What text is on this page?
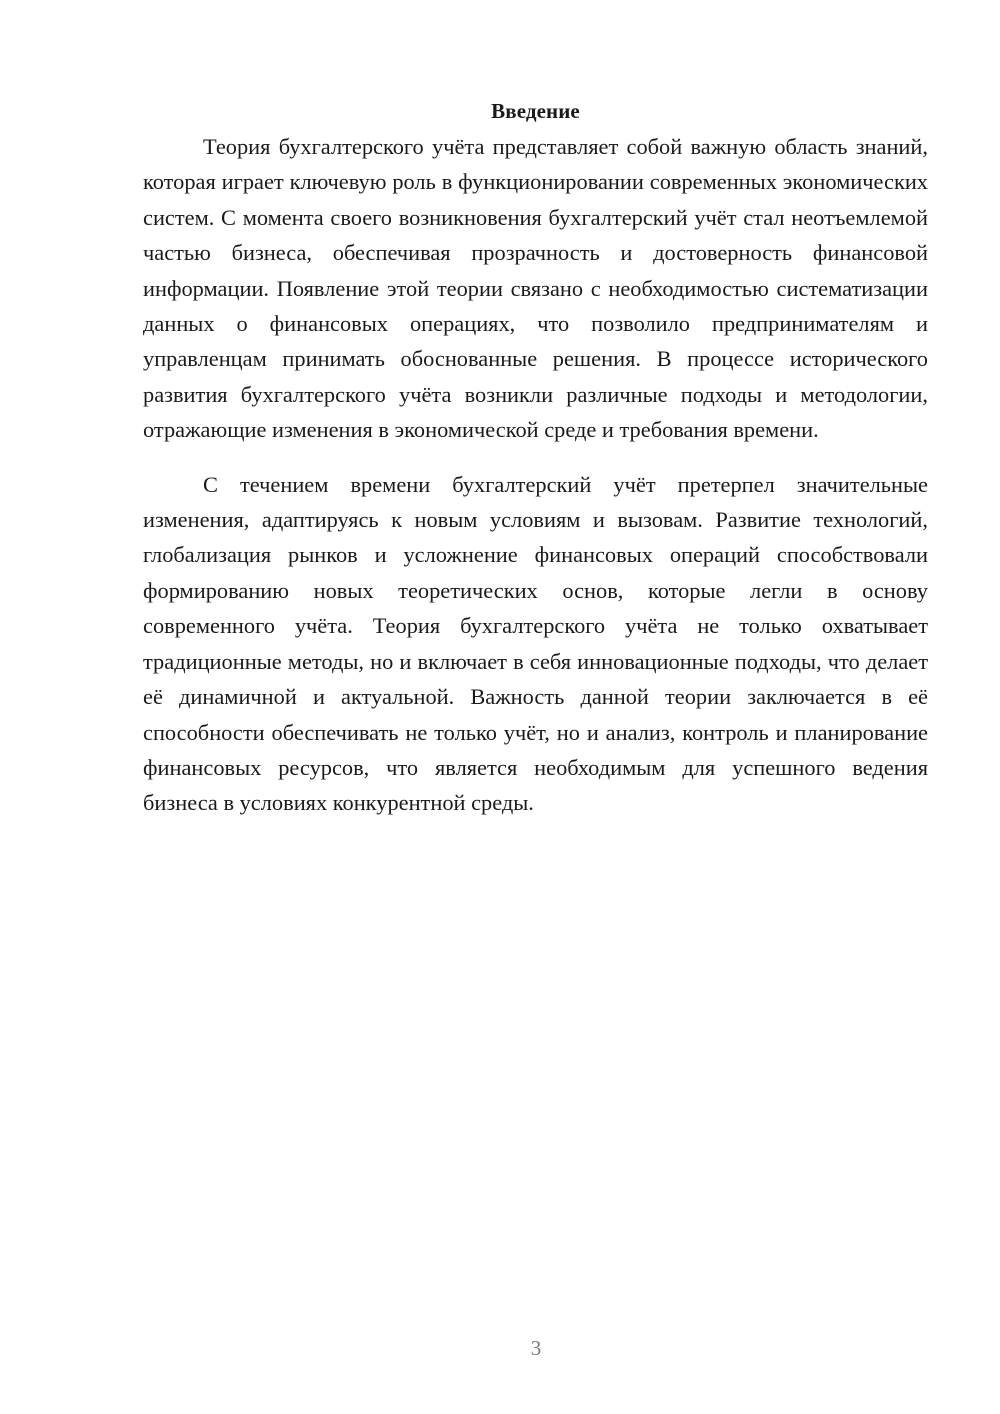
Введение

Теория бухгалтерского учёта представляет собой важную область знаний, которая играет ключевую роль в функционировании современных экономических систем. С момента своего возникновения бухгалтерский учёт стал неотъемлемой частью бизнеса, обеспечивая прозрачность и достоверность финансовой информации. Появление этой теории связано с необходимостью систематизации данных о финансовых операциях, что позволило предпринимателям и управленцам принимать обоснованные решения. В процессе исторического развития бухгалтерского учёта возникли различные подходы и методологии, отражающие изменения в экономической среде и требования времени.

С течением времени бухгалтерский учёт претерпел значительные изменения, адаптируясь к новым условиям и вызовам. Развитие технологий, глобализация рынков и усложнение финансовых операций способствовали формированию новых теоретических основ, которые легли в основу современного учёта. Теория бухгалтерского учёта не только охватывает традиционные методы, но и включает в себя инновационные подходы, что делает её динамичной и актуальной. Важность данной теории заключается в её способности обеспечивать не только учёт, но и анализ, контроль и планирование финансовых ресурсов, что является необходимым для успешного ведения бизнеса в условиях конкурентной среды.

3
